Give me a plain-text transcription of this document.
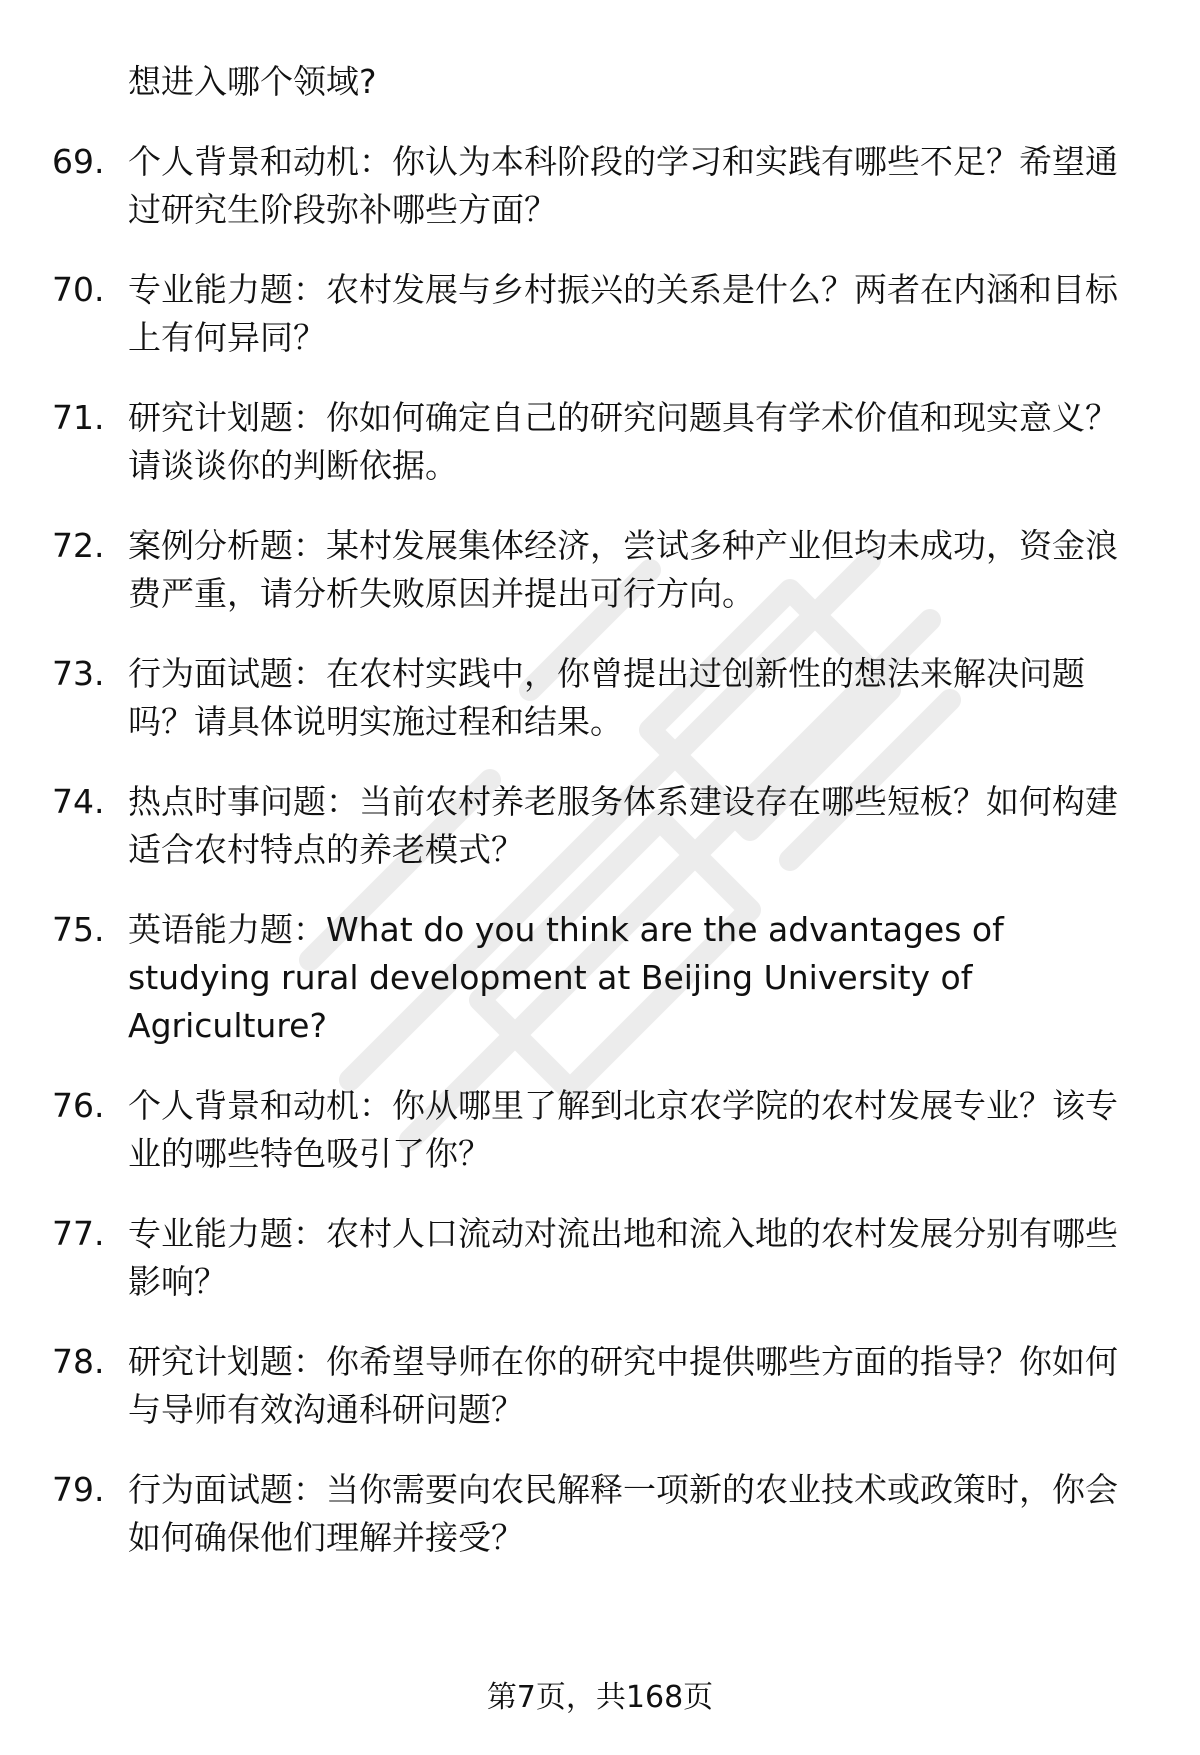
想进入哪个领域?
69. 个人背景和动机：你认为本科阶段的学习和实践有哪些不足？希望通过研究生阶段弥补哪些方面？
70. 专业能力题：农村发展与乡村振兴的关系是什么？两者在内涵和目标上有何异同？
71. 研究计划题：你如何确定自己的研究问题具有学术价值和现实意义？请谈谈你的判断依据。
72. 案例分析题：某村发展集体经济，尝试多种产业但均未成功，资金浪费严重，请分析失败原因并提出可行方向。
73. 行为面试题：在农村实践中，你曾提出过创新性的想法来解决问题吗？请具体说明实施过程和结果。
74. 热点时事问题：当前农村养老服务体系建设存在哪些短板？如何构建适合农村特点的养老模式？
75. 英语能力题：What do you think are the advantages of studying rural development at Beijing University of Agriculture?
76. 个人背景和动机：你从哪里了解到北京农学院的农村发展专业？该专业的哪些特色吸引了你？
77. 专业能力题：农村人口流动对流出地和流入地的农村发展分别有哪些影响？
78. 研究计划题：你希望导师在你的研究中提供哪些方面的指导？你如何与导师有效沟通科研问题？
79. 行为面试题：当你需要向农民解释一项新的农业技术或政策时，你会如何确保他们理解并接受？
第7页，共168页
